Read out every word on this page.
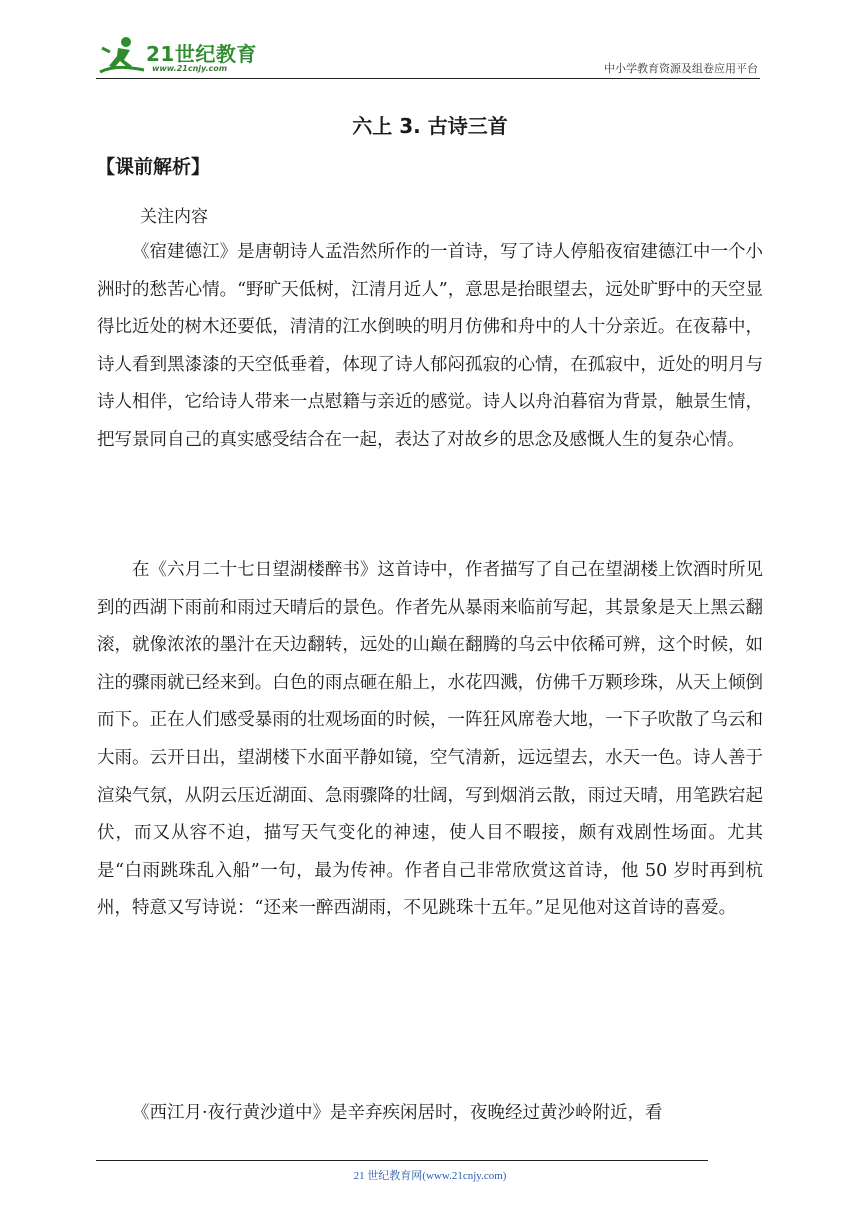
21世纪教育
www.21cnjy.com	中小学教育资源及组卷应用平台
六上 3. 古诗三首
【课前解析】
关注内容

《宿建德江》是唐朝诗人孟浩然所作的一首诗，写了诗人停船夜宿建德江中一个小洲时的愁苦心情。“野旷天低树，江清月近人”，意思是抬眼望去，远处旷野中的天空显得比近处的树木还要低，清清的江水倒映的明月仿佛和舟中的人十分亲近。在夜幕中，诗人看到黑漆漆的天空低垂着，体现了诗人郁闷孤寂的心情，在孤寂中，近处的明月与诗人相伴，它给诗人带来一点慰籍与亲近的感觉。诗人以舟泊暮宿为背景，触景生情，把写景同自己的真实感受结合在一起，表达了对故乡的思念及感慨人生的复杂心情。

在《六月二十七日望湖楼醉书》这首诗中，作者描写了自己在望湖楼上饮酒时所见到的西湖下雨前和雨过天晴后的景色。作者先从暴雨来临前写起，其景象是天上黑云翻滚，就像浓浓的墨汁在天边翻转，远处的山巅在翻腾的乌云中依稀可辨，这个时候，如注的骤雨就已经来到。白色的雨点砸在船上，水花四溅，仿佛千万颗珍珠，从天上倾倒而下。正在人们感受暴雨的壮观场面的时候，一阵狂风席卷大地，一下子吹散了乌云和大雨。云开日出，望湖楼下水面平静如镜，空气清新，远远望去，水天一色。诗人善于渲染气氛，从阴云压近湖面、急雨骤降的壮阔，写到烟消云散，雨过天晴，用笔跌宕起伏，而又从容不迫，描写天气变化的神速，使人目不暇接，颇有戏剧性场面。尤其是“白雨跳珠乱入船”一句，最为传神。作者自己非常欣赏这首诗，他 50 岁时再到杭州，特意又写诗说：“还来一醉西湖雨，不见跳珠十五年。”足见他对这首诗的喜爱。

《西江月·夜行黄沙道中》是辛弃疾闲居时，夜晚经过黄沙岭附近，看

21 世纪教育网(www.21cnjy.com)
